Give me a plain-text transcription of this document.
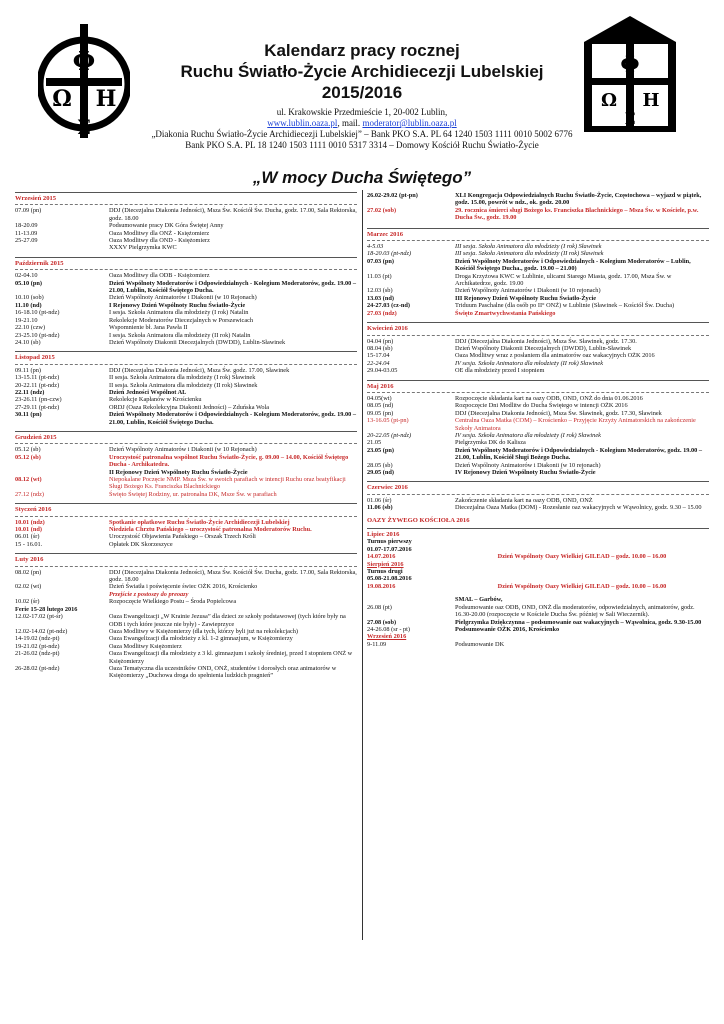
Φ
Ω Η
Σ
Φ
Ω Η
Σ
Kalendarz pracy rocznej
Ruchu Światło-Życie Archidiecezji Lubelskiej
2015/2016
ul. Krakowskie Przedmieście 1, 20-002 Lublin,
www.lublin.oaza.pl, mail. moderator@lublin.oaza.pl
„Diakonia Ruchu Światło-Życie Archidiecezji Lubelskiej” – Bank PKO S.A. PL 64 1240 1503 1111 0010 5002 6776
Bank PKO S.A. PL 18 1240 1503 1111 0010 5317 3314 – Domowy Kościół Ruchu Światło-Życie
„W mocy Ducha Świętego”
Wrzesień 2015
07.09 (pn)	DDJ (Diecezjalna Diakonia Jedności), Msza Św. Kościół Św. Ducha, godz. 17.00, Sala Rektorska, godz. 18.00
18-20.09	Podsumowanie pracy DK Góra Świętej Anny
11-13.09	Oaza Modlitwy dla ONŻ - Księżomierz
25-27.09	Oaza Modlitwy dla OND - Księżomierz
XXXV Pielgrzymka KWC
Październik 2015
02-04.10	Oaza Modlitwy dla ODB - Księżomierz
05.10 (pn)	Dzień Wspólnoty Moderatorów i Odpowiedzialnych - Kolegium Moderatorów, godz. 19.00 – 21.00, Lublin, Kościół Świętego Ducha.
10.10 (sob)	Dzień Wspólnoty Animatorów i Diakonii (w 10 Rejonach)
11.10 (nd)	I Rejonowy Dzień Wspólnoty Ruchu Światło-Życie
16-18.10 (pt-ndz)	I sesja. Szkoła Animatora dla młodzieży (I rok) Natalin
19-21.10	Rekolekcje Moderatorów Diecezjalnych w Porszewicach
22.10 (czw)	Wspomnienie bł. Jana Pawła II
23-25.10 (pt-ndz)	I sesja. Szkoła Animatora dla młodzieży (II rok) Natalin
24.10 (sb)	Dzień Wspólnoty Diakonii Diecezjalnych (DWDD), Lublin-Sławinek
Listopad 2015
09.11 (pn)	DDJ (Diecezjalna Diakonia Jedności), Msza Św. godz. 17.00, Sławinek
13-15.11 (pt-ndz)	II sesja. Szkoła Animatora dla młodzieży (I rok) Sławinek
20-22.11 (pt-ndz)	II sesja. Szkoła Animatora dla młodzieży (II rok) Sławinek
22.11 (ndz)	Dzień Jedności Wspólnot AL
23-26.11 (pn-czw)	Rekolekcje Kapłanów w Krościenku
27-29.11 (pt-ndz)	ORDJ (Oaza Rekolekcyjna Diakonii Jedności) – Zduńska Wola
30.11 (pn)	Dzień Wspólnoty Moderatorów i Odpowiedzialnych - Kolegium Moderatorów, godz. 19.00 – 21.00, Lublin, Kościół Świętego Ducha.
Grudzień 2015
05.12 (sb)	Dzień Wspólnoty Animatorów i Diakonii (w 10 Rejonach)
05.12 (sb)	Uroczystość patronalna wspólnot Ruchu Światło-Życie, g. 09.00 – 14.00, Kościół Świętego Ducha - Archikatedra.
II Rejonowy Dzień Wspólnoty Ruchu Światło-Życie
08.12 (wt)	Niepokalane Poczęcie NMP. Msza Św. w swoich parafiach w intencji Ruchu oraz beatyfikacji Sługi Bożego Ks. Franciszka Blachnickiego
27.12 (ndz)	Święto Świętej Rodziny, ur. patronalna DK, Msze Św. w parafiach
Styczeń 2016
10.01 (ndz)	Spotkanie opłatkowe Ruchu Światło-Życie Archidiecezji Lubelskiej
10.01 (nd)	Niedziela Chrztu Pańskiego – uroczystość patronalna Moderatorów Ruchu.
06.01 (śr)	Uroczystość Objawienia Pańskiego – Orszak Trzech Króli
15 - 16.01.	Opłatek DK Skorzeszyce
Luty 2016
08.02 (pn)	DDJ (Diecezjalna Diakonia Jedności), Msza Św. Kościół Św. Ducha, godz. 17.00, Sala Rektorska, godz. 18.00
02.02 (wt)	Dzień Światła i poświęcenie świec OŻK 2016, Krościenko
Przejście z postoszy do preoazy
10.02 (śr)	Rozpoczęcie Wielkiego Postu – Środa Popielcowa
Ferie 15-28 lutego 2016
12.02-17.02 (pt-śr)	Oaza Ewangelizacji „W Krainie Jezusa” dla dzieci ze szkoły podstawowej (tych które były na ODB i tych które jeszcze nie były) - Zawieprzyce
12.02-14.02 (pt-ndz)	Oaza Modlitwy w Księżomierzy (dla tych, którzy byli już na rekolekcjach)
14-19.02 (ndz-pt)	Oaza Ewangelizacji dla młodzieży z kl. 1-2 gimnazjum, w Księżomierzy
19-21.02 (pt-ndz)	Oaza Modlitwy Księżomierz
21-26.02 (ndz-pt)	Oaza Ewangelizacji dla młodzieży z 3 kl. gimnazjum i szkoły średniej, przed I stopniem ONŻ w Księżomierzy
26-28.02 (pt-ndz)	Oaza Tematyczna dla uczestników OND, ONŻ, studentów i dorosłych oraz animatorów w Księżomierzy „Duchowa droga do spełnienia ludzkich pragnień”
26.02-29.02 (pt-pn)	XLI Kongregacja Odpowiedzialnych Ruchu Światło-Życie, Częstochowa – wyjazd w piątek, godz. 15.00, powrót w ndz., ok. godz. 20.00
27.02 (sob)	29. rocznica śmierci sługi Bożego ks. Franciszka Blachnickiego – Msza Św. w Kościele, p.w. Ducha Św., godz. 19.00
Marzec 2016
4-5.03	III sesja. Szkoła Animatora dla młodzieży (I rok) Sławinek
18-20.03 (pt-ndz)	III sesja. Szkoła Animatora dla młodzieży (II rok) Sławinek
07.03 (pn)	Dzień Wspólnoty Moderatorów i Odpowiedzialnych - Kolegium Moderatorów – Lublin, Kościół Świętego Ducha., godz. 19.00 – 21.00)
11.03 (pt)	Droga Krzyżowa KWC w Lublinie, ulicami Starego Miasta, godz. 17.00, Msza Św. w Archikatedrze, godz. 19.00
12.03 (sb)	Dzień Wspólnoty Animatorów i Diakonii (w 10 rejonach)
13.03 (nd)	III Rejonowy Dzień Wspólnoty Ruchu Światło-Życie
24-27.03 (cz-nd)	Triduum Paschalne (dla osób po II° ONŻ) w Lublinie (Sławinek – Kościół Św. Ducha)
27.03 (ndz)	Święto Zmartwychwstania Pańskiego
Kwiecień 2016
04.04 (pn)	DDJ (Diecezjalna Diakonia Jedności), Msza Św. Sławinek, godz. 17.30.
08.04 (sb)	Dzień Wspólnoty Diakonii Diecezjalnych (DWDD), Lublin-Sławinek
15-17.04	Oaza Modlitwy wraz z posłaniem dla animatorów oaz wakacyjnych OŻK 2016
22-24.04	IV sesja. Szkoła Animatora dla młodzieży (II rok) Sławinek
29.04-03.05	OE dla młodzieży przed I stopniem
Maj 2016
04.05(wt)	Rozpoczęcie składania kart na oazy ODB, OND, ONŻ do dnia 01.06.2016
08.05 (nd)	Rozpoczęcie Dni Modlitw do Ducha Świętego w intencji OŻK 2016
09.05 (pn)	DDJ (Diecezjalna Diakonia Jedności), Msza Św. Sławinek, godz. 17.30, Sławinek
13-16.05 (pt-pn)	Centralna Oaza Matka (COM) – Krościenko – Przyjęcie Krzyży Animatorskich na zakończenie Szkoły Animatora
20-22.05 (pt-ndz)	IV sesja. Szkoła Animatora dla młodzieży (I rok) Sławinek
21.05	Pielgrzymka DK do Kalisza
23.05 (pn)	Dzień Wspólnoty Moderatorów i Odpowiedzialnych - Kolegium Moderatorów, godz. 19.00 – 21.00, Lublin, Kościół Sługi Bożego Ducha.
28.05 (sb)	Dzień Wspólnoty Animatorów i Diakonii (w 10 rejonach)
29.05 (nd)	IV Rejonowy Dzień Wspólnoty Ruchu Światło-Życie
Czerwiec 2016
01.06 (śr)	Zakończenie składania kart na oazy ODB, OND, ONŻ
11.06 (sb)	Diecezjalna Oaza Matka (DOM) - Rozesłanie oaz wakacyjnych w Wąwolnicy, godz. 9.30 – 15.00
OAZY ŻYWEGO KOŚCIOŁA 2016
Lipiec 2016
Turnus pierwszy
01.07-17.07.2016
14.07.2016	Dzień Wspólnoty Oazy Wielkiej GILEAD – godz. 10.00 – 16.00
Sierpień 2016
Turnus drugi
05.08-21.08.2016
19.08.2016	Dzień Wspólnoty Oazy Wielkiej GILEAD – godz. 10.00 – 16.00
SMAL – Garbów,
26.08 (pt)	Podsumowanie oaz ODB, OND, ONŻ dla moderatorów, odpowiedzialnych, animatorów, godz. 16.30-20.00 (rozpoczęcie w Kościele Ducha Św. później w Sali Wieczernik).
27.08 (sob)	Pielgrzymka Dziękczynna – podsumowanie oaz wakacyjnych – Wąwolnica, godz. 9.30-15.00
24-26.08 (sr - pt)	Podsumowanie OŻK 2016, Krościenko
Wrzesień 2016
9-11.09	Podsumowanie DK
